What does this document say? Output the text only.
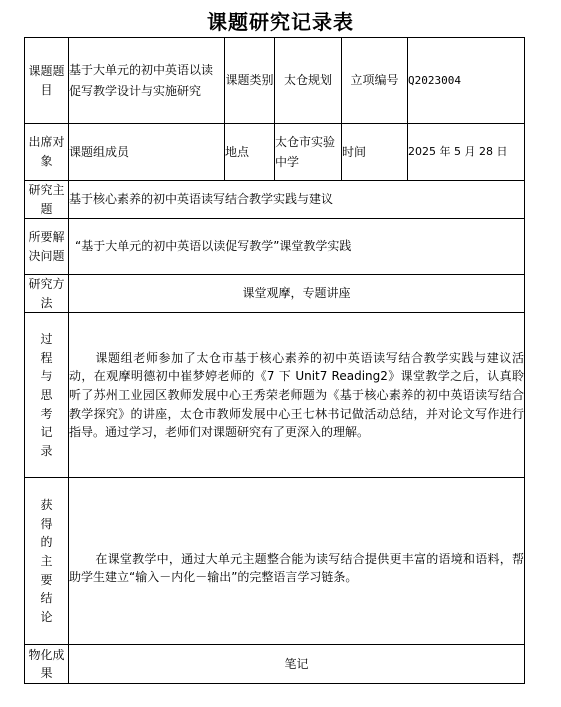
课题研究记录表
课题题目	基于大单元的初中英语以读促写教学设计与实施研究	课题类别	太仓规划	立项编号	Q2023004
出席对象	课题组成员	地点	太仓市实验中学	时间	2025 年 5 月 28 日
研究主题	基于核心素养的初中英语读写结合教学实践与建议				
所要解决问题	“基于大单元的初中英语以读促写教学”课堂教学实践				
研究方法	课堂观摩，专题讲座				

过程与思考记录	课题组老师参加了太仓市基于核心素养的初中英语读写结合教学实践与建议活动，在观摩明德初中崔梦婷老师的《7 下 Unit7 Reading2》课堂教学之后，认真聆听了苏州工业园区教师发展中心王秀荣老师题为《基于核心素养的初中英语读写结合教学探究》的讲座，太仓市教师发展中心王七林书记做活动总结，并对论文写作进行指导。通过学习，老师们对课题研究有了更深入的理解。				

获得的主要结论	在课堂教学中，通过大单元主题整合能为读写结合提供更丰富的语境和语料，帮助学生建立“输入－内化－输出”的完整语言学习链条。				
物化成果	笔记				
